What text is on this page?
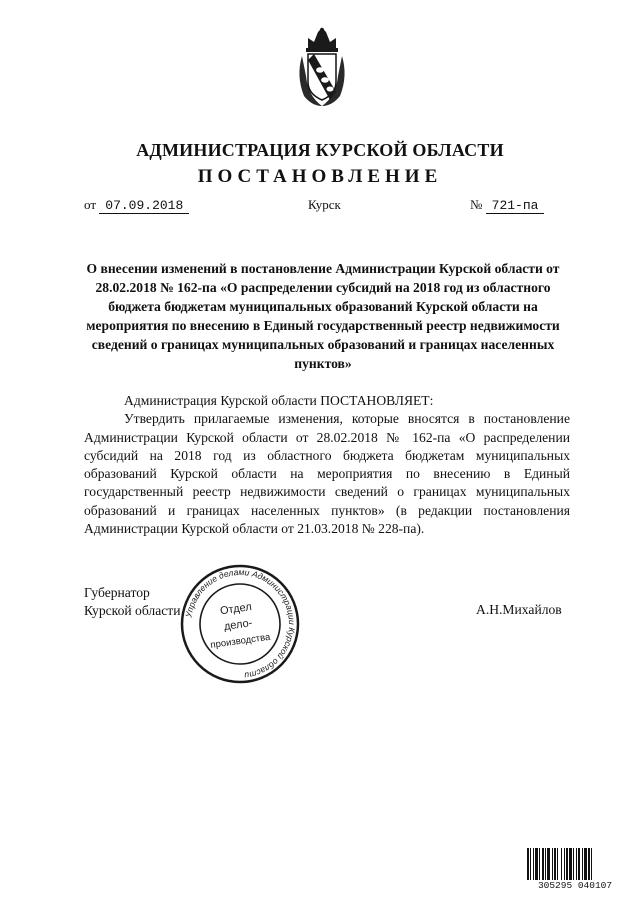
АДМИНИСТРАЦИЯ КУРСКОЙ ОБЛАСТИ
ПОСТАНОВЛЕНИЕ
от 07.09.2018	Курск	№ 721-па
О внесении изменений в постановление Администрации Курской области от 28.02.2018 № 162-па «О распределении субсидий на 2018 год из областного бюджета бюджетам муниципальных образований Курской области на мероприятия по внесению в Единый государственный реестр недвижимости сведений о границах муниципальных образований и границах населенных пунктов»

Администрация Курской области ПОСТАНОВЛЯЕТ:

Утвердить прилагаемые изменения, которые вносятся в постановление Администрации Курской области от 28.02.2018 № 162-па «О распределении субсидий на 2018 год из областного бюджета бюджетам муниципальных образований Курской области на мероприятия по внесению в Единый государственный реестр недвижимости сведений о границах муниципальных образований и границах населенных пунктов» (в редакции постановления Администрации Курской области от 21.03.2018 № 228-па).

Губернатор
Курской области	А.Н.Михайлов
Управление делами Администрации Курской области
Отдел
дело-
производства
305295 040107
